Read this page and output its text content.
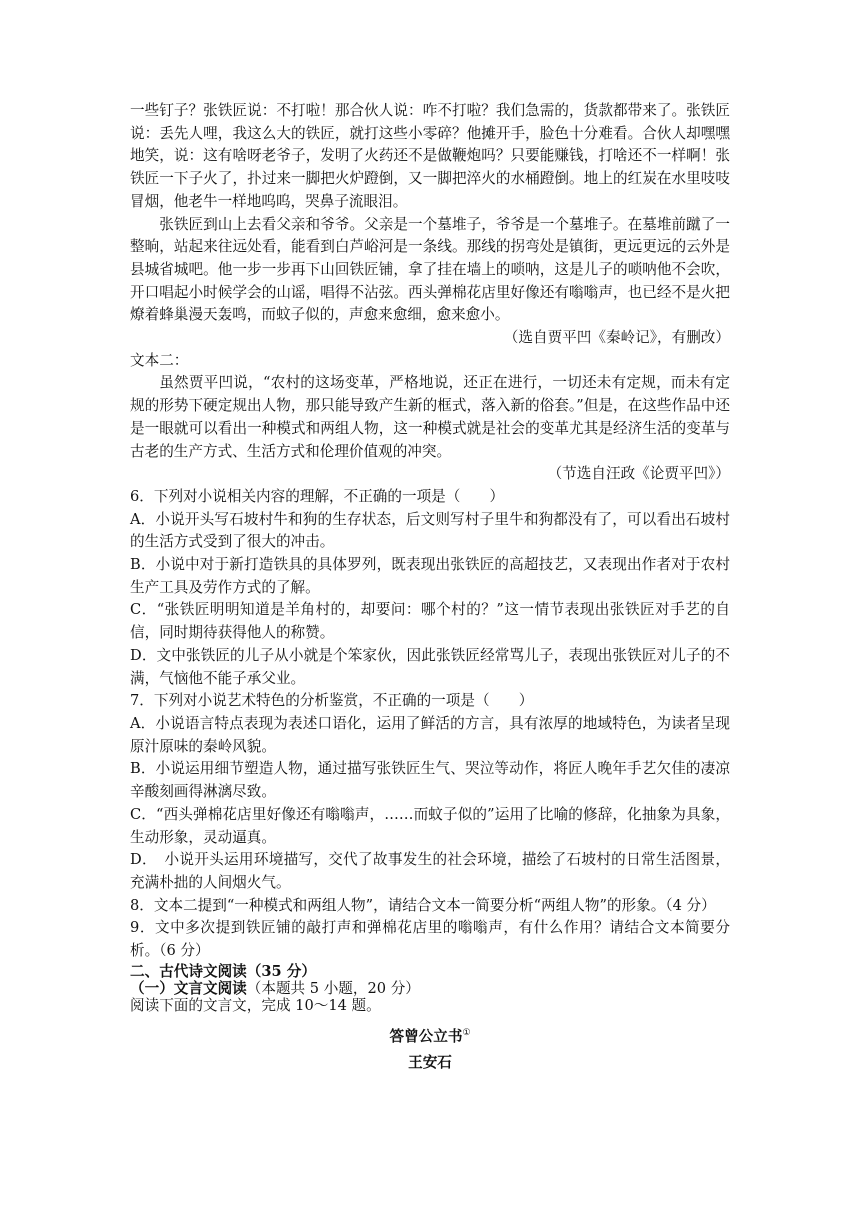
一些钉子？张铁匠说：不打啦！那合伙人说：咋不打啦？我们急需的，货款都带来了。张铁匠说：丢先人哩，我这么大的铁匠，就打这些小零碎？他摊开手，脸色十分难看。合伙人却嘿嘿地笑，说：这有啥呀老爷子，发明了火药还不是做鞭炮吗？只要能赚钱，打啥还不一样啊！张铁匠一下子火了，扑过来一脚把火炉蹬倒，又一脚把淬火的水桶蹬倒。地上的红炭在水里吱吱冒烟，他老牛一样地呜呜，哭鼻子流眼泪。

张铁匠到山上去看父亲和爷爷。父亲是一个墓堆子，爷爷是一个墓堆子。在墓堆前蹴了一整晌，站起来往远处看，能看到白芦峪河是一条线。那线的拐弯处是镇街，更远更远的云外是县城省城吧。他一步一步再下山回铁匠铺，拿了挂在墙上的唢呐，这是儿子的唢呐他不会吹，开口唱起小时候学会的山谣，唱得不沾弦。西头弹棉花店里好像还有嗡嗡声，也已经不是火把燎着蜂巢漫天轰鸣，而蚊子似的，声愈来愈细，愈来愈小。

（选自贾平凹《秦岭记》，有删改）

文本二：

虽然贾平凹说，“农村的这场变革，严格地说，还正在进行，一切还未有定规，而未有定规的形势下硬定规出人物，那只能导致产生新的框式，落入新的俗套。”但是，在这些作品中还是一眼就可以看出一种模式和两组人物，这一种模式就是社会的变革尤其是经济生活的变革与古老的生产方式、生活方式和伦理价值观的冲突。

（节选自汪政《论贾平凹》）

6．下列对小说相关内容的理解，不正确的一项是（　　）

A．小说开头写石坡村牛和狗的生存状态，后文则写村子里牛和狗都没有了，可以看出石坡村的生活方式受到了很大的冲击。

B．小说中对于新打造铁具的具体罗列，既表现出张铁匠的高超技艺，又表现出作者对于农村生产工具及劳作方式的了解。

C．“张铁匠明明知道是羊角村的，却要问：哪个村的？”这一情节表现出张铁匠对手艺的自信，同时期待获得他人的称赞。

D．文中张铁匠的儿子从小就是个笨家伙，因此张铁匠经常骂儿子，表现出张铁匠对儿子的不满，气恼他不能子承父业。

7．下列对小说艺术特色的分析鉴赏，不正确的一项是（　　）

A．小说语言特点表现为表述口语化，运用了鲜活的方言，具有浓厚的地域特色，为读者呈现原汁原味的秦岭风貌。

B．小说运用细节塑造人物，通过描写张铁匠生气、哭泣等动作，将匠人晚年手艺欠佳的凄凉辛酸刻画得淋漓尽致。

C．“西头弹棉花店里好像还有嗡嗡声，……而蚊子似的”运用了比喻的修辞，化抽象为具象，生动形象，灵动逼真。

D．　小说开头运用环境描写，交代了故事发生的社会环境，描绘了石坡村的日常生活图景，充满朴拙的人间烟火气。

8．文本二提到“一种模式和两组人物”，请结合文本一简要分析“两组人物”的形象。（4 分）

9．文中多次提到铁匠铺的敲打声和弹棉花店里的嗡嗡声，有什么作用？请结合文本简要分析。（6 分）

二、古代诗文阅读（35 分）

（一）文言文阅读（本题共 5 小题，20 分）

阅读下面的文言文，完成 10～14 题。

答曾公立书①

王安石
